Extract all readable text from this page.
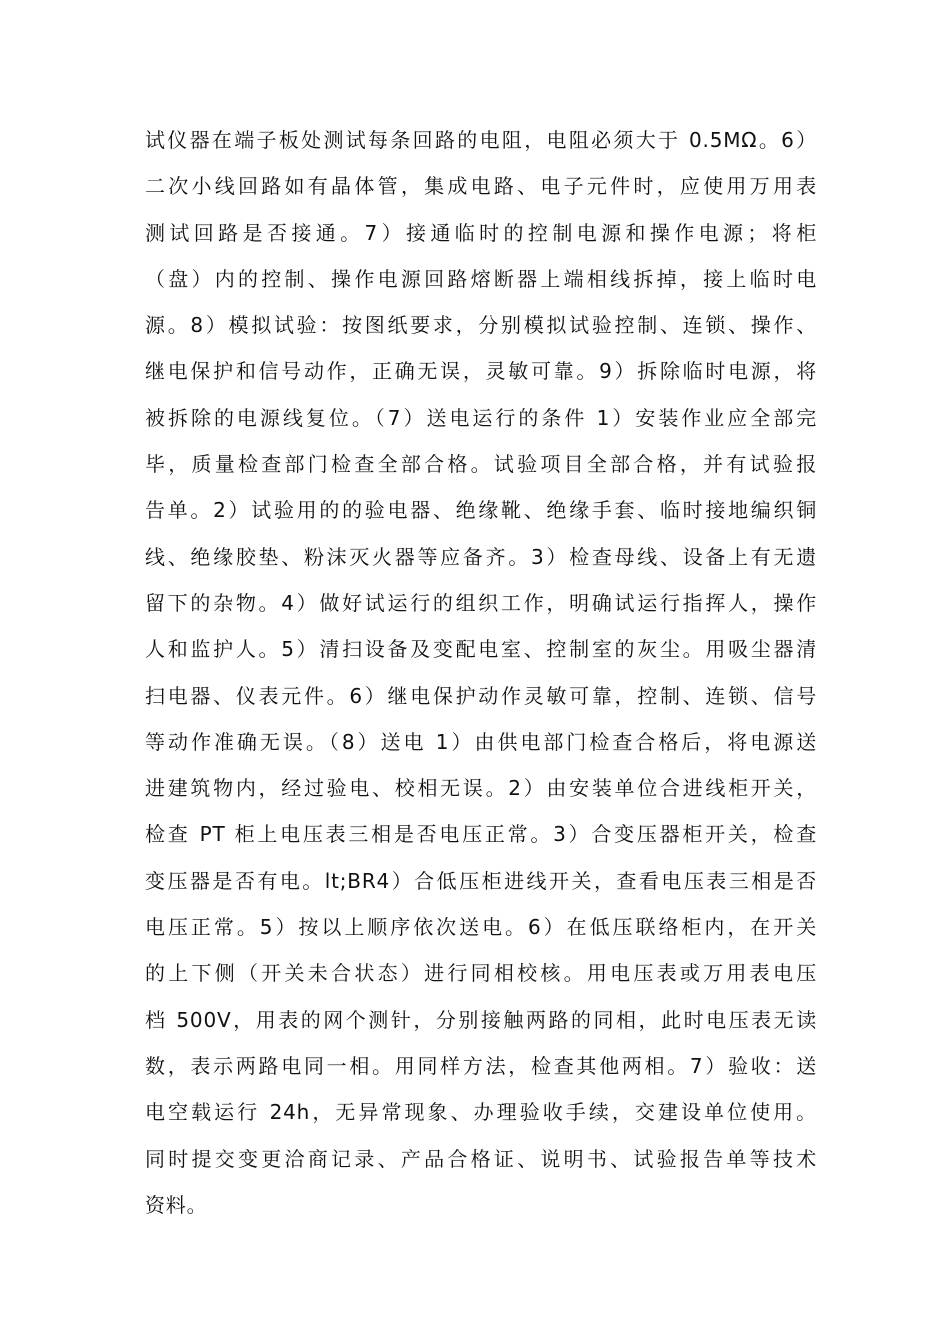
试仪器在端子板处测试每条回路的电阻，电阻必须大于 0.5MΩ。6）
二次小线回路如有晶体管，集成电路、电子元件时，应使用万用表
测试回路是否接通。7）接通临时的控制电源和操作电源；将柜
（盘）内的控制、操作电源回路熔断器上端相线拆掉，接上临时电
源。8）模拟试验：按图纸要求，分别模拟试验控制、连锁、操作、
继电保护和信号动作，正确无误，灵敏可靠。9）拆除临时电源，将
被拆除的电源线复位。（7）送电运行的条件 1）安装作业应全部完
毕，质量检查部门检查全部合格。试验项目全部合格，并有试验报
告单。2）试验用的的验电器、绝缘靴、绝缘手套、临时接地编织铜
线、绝缘胶垫、粉沫灭火器等应备齐。3）检查母线、设备上有无遗
留下的杂物。4）做好试运行的组织工作，明确试运行指挥人，操作
人和监护人。5）清扫设备及变配电室、控制室的灰尘。用吸尘器清
扫电器、仪表元件。6）继电保护动作灵敏可靠，控制、连锁、信号
等动作准确无误。（8）送电 1）由供电部门检查合格后，将电源送
进建筑物内，经过验电、校相无误。2）由安装单位合进线柜开关，
检查 PT 柜上电压表三相是否电压正常。3）合变压器柜开关，检查
变压器是否有电。lt;BR4）合低压柜进线开关，查看电压表三相是否
电压正常。5）按以上顺序依次送电。6）在低压联络柜内，在开关
的上下侧（开关未合状态）进行同相校核。用电压表或万用表电压
档 500V，用表的网个测针，分别接触两路的同相，此时电压表无读
数，表示两路电同一相。用同样方法，检查其他两相。7）验收：送
电空载运行 24h，无异常现象、办理验收手续，交建设单位使用。
同时提交变更洽商记录、产品合格证、说明书、试验报告单等技术
资料。
